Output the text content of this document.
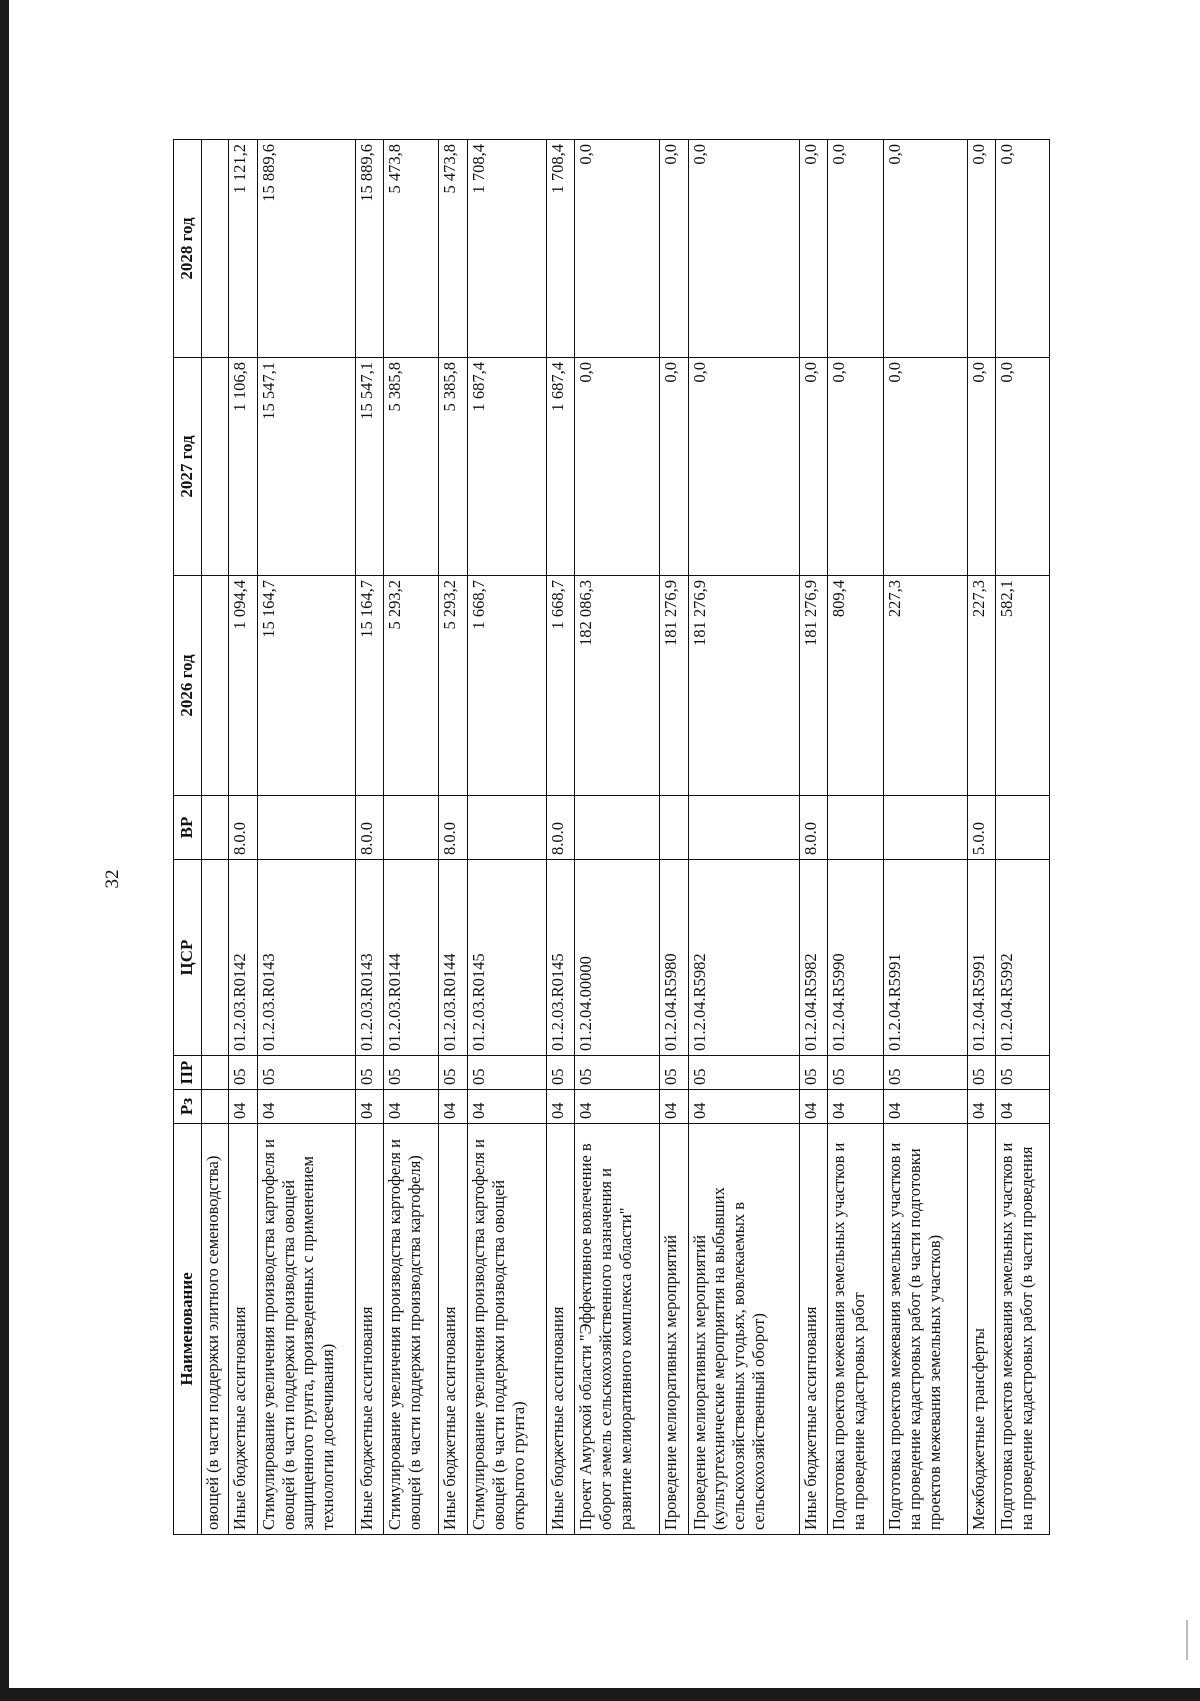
32
Наименование	Рз	ПР	ЦСР	ВР	2026 год	2027 год	2028 год
овощей (в части поддержки элитного семеноводства)							
Иные бюджетные ассигнования	04	05	01.2.03.R0142	8.0.0	1 094,4	1 106,8	1 121,2
Стимулирование увеличения производства картофеля и овощей (в части поддержки производства овощей защищенного грунта, произведенных с применением технологии досвечивания)	04	05	01.2.03.R0143		15 164,7	15 547,1	15 889,6
Иные бюджетные ассигнования	04	05	01.2.03.R0143	8.0.0	15 164,7	15 547,1	15 889,6
Стимулирование увеличения производства картофеля и овощей (в части поддержки производства картофеля)	04	05	01.2.03.R0144		5 293,2	5 385,8	5 473,8
Иные бюджетные ассигнования	04	05	01.2.03.R0144	8.0.0	5 293,2	5 385,8	5 473,8
Стимулирование увеличения производства картофеля и овощей (в части поддержки производства овощей открытого грунта)	04	05	01.2.03.R0145		1 668,7	1 687,4	1 708,4
Иные бюджетные ассигнования	04	05	01.2.03.R0145	8.0.0	1 668,7	1 687,4	1 708,4
Проект Амурской области "Эффективное вовлечение в оборот земель сельскохозяйственного назначения и развитие мелиоративного комплекса области"	04	05	01.2.04.00000		182 086,3	0,0	0,0
Проведение мелиоративных мероприятий	04	05	01.2.04.R5980		181 276,9	0,0	0,0
Проведение мелиоративных мероприятий (культуртехнические мероприятия на выбывших сельскохозяйственных угодьях, вовлекаемых в сельскохозяйственный оборот)	04	05	01.2.04.R5982		181 276,9	0,0	0,0
Иные бюджетные ассигнования	04	05	01.2.04.R5982	8.0.0	181 276,9	0,0	0,0
Подготовка проектов межевания земельных участков и на проведение кадастровых работ	04	05	01.2.04.R5990		809,4	0,0	0,0
Подготовка проектов межевания земельных участков и на проведение кадастровых работ (в части подготовки проектов межевания земельных участков)	04	05	01.2.04.R5991		227,3	0,0	0,0
Межбюджетные трансферты	04	05	01.2.04.R5991	5.0.0	227,3	0,0	0,0
Подготовка проектов межевания земельных участков и на проведение кадастровых работ (в части проведения	04	05	01.2.04.R5992		582,1	0,0	0,0
